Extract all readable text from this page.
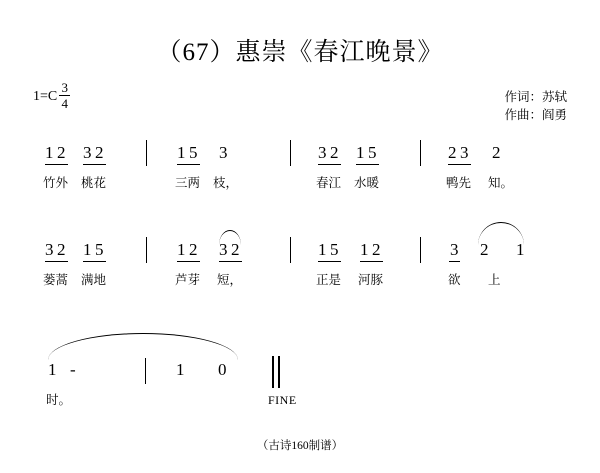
（67）惠崇《春江晚景》
$1=C \frac{3}{4}$	作词：苏轼
作曲：阎勇
1 2 3 2
竹外 桃花
1 5 3
三两 枝，
3 2 1 5
春江 水暖
2 3 2
鸭先 知。
3 2 1 5
蒌蒿 满地
1 2 3 2
芦芽 短，
1 5 1 2
正是 河豚
3 2 1
欲 上
1 -
时。
1 0
FINE
（古诗160制谱）
